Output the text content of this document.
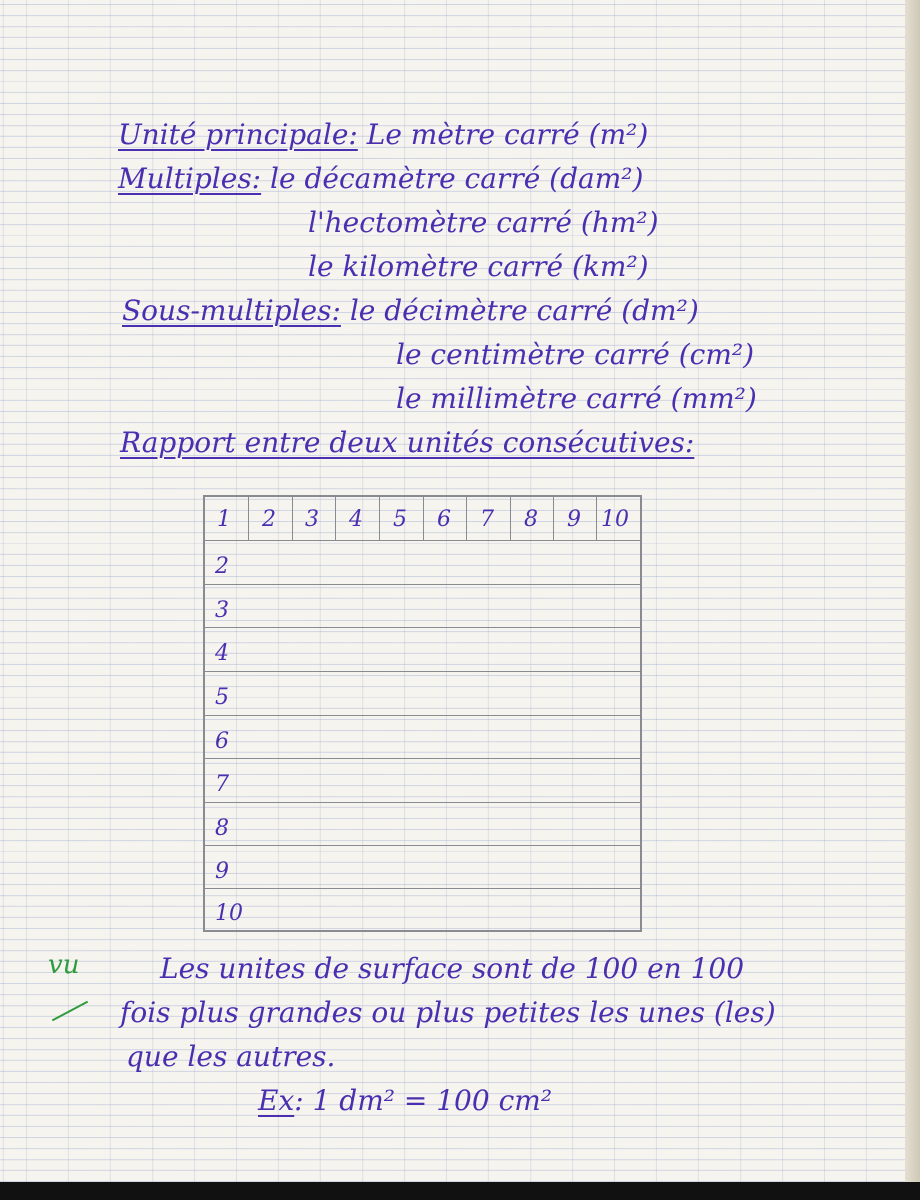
Unité principale: Le mètre carré (m²)
Multiples: le décamètre carré (dam²)
l'hectomètre carré (hm²)
le kilomètre carré (km²)
Sous-multiples: le décimètre carré (dm²)
le centimètre carré (cm²)
le millimètre carré (mm²)
Rapport entre deux unités consécutives:
1 2 3 4 5 6 7 8 9 10
2
3
4
5
6
7
8
9
10
vu	Les unites de surface sont de 100 en 100
fois plus grandes ou plus petites les unes (les)
que les autres.
Ex: 1 dm² = 100 cm²
